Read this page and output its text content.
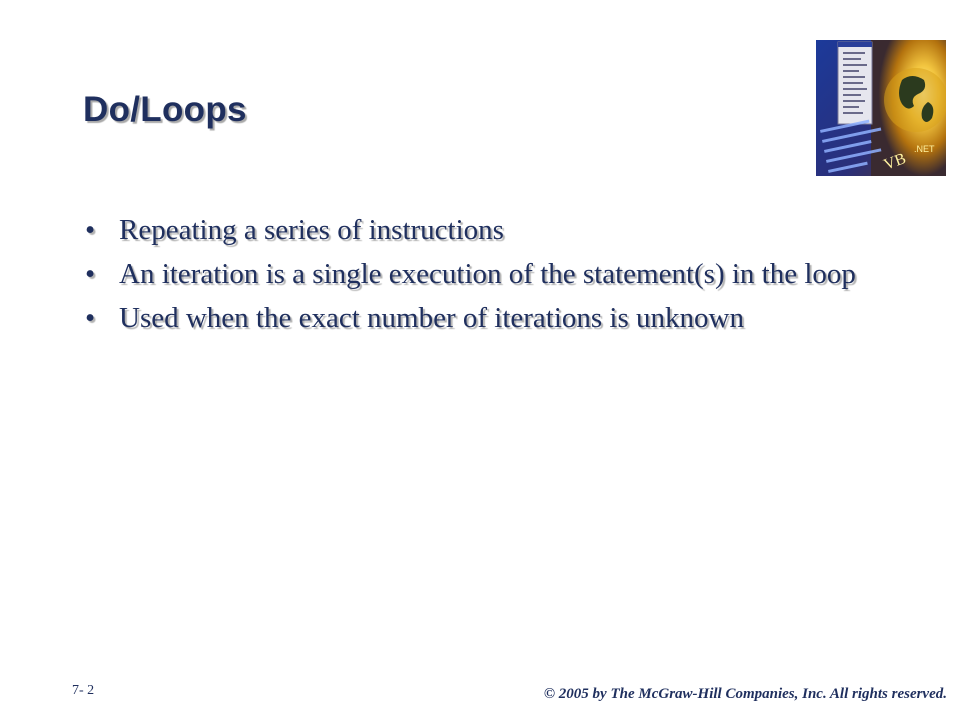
Do/Loops
VB
.NET
• Repeating a series of instructions
• An iteration is a single execution of the statement(s) in the loop
• Used when the exact number of iterations is unknown
7- 2	© 2005 by The McGraw-Hill Companies, Inc. All rights reserved.
